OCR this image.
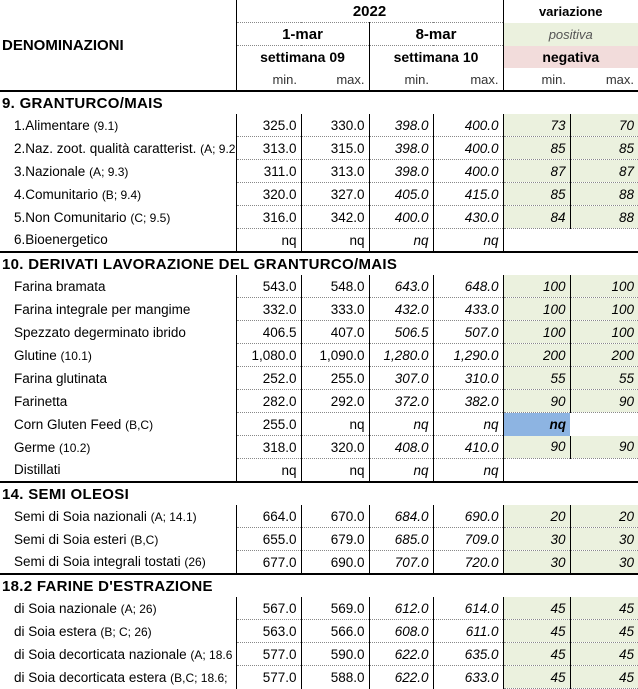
	2022				variazione	
DENOMINAZIONI	1-mar		8-mar		positiva	
	settimana 09		settimana 10		negativa	
	min.	max.	min.	max.	min.	max.
9. GRANTURCO/MAIS						
1.Alimentare (9.1)	325.0	330.0	398.0	400.0	73	70
2.Naz. zoot. qualità caratterist. (A; 9.2	313.0	315.0	398.0	400.0	85	85
3.Nazionale (A; 9.3)	311.0	313.0	398.0	400.0	87	87
4.Comunitario (B; 9.4)	320.0	327.0	405.0	415.0	85	88
5.Non Comunitario (C; 9.5)	316.0	342.0	400.0	430.0	84	88
6.Bioenergetico	nq	nq	nq	nq		
10. DERIVATI LAVORAZIONE DEL GRANTURCO/MAIS						
Farina bramata	543.0	548.0	643.0	648.0	100	100
Farina integrale per mangime	332.0	333.0	432.0	433.0	100	100
Spezzato degerminato ibrido	406.5	407.0	506.5	507.0	100	100
Glutine (10.1)	1,080.0	1,090.0	1,280.0	1,290.0	200	200
Farina glutinata	252.0	255.0	307.0	310.0	55	55
Farinetta	282.0	292.0	372.0	382.0	90	90
Corn Gluten Feed (B,C)	255.0	nq	nq	nq	nq	
Germe (10.2)	318.0	320.0	408.0	410.0	90	90
Distillati	nq	nq	nq	nq		
14. SEMI OLEOSI						
Semi di Soia nazionali (A; 14.1)	664.0	670.0	684.0	690.0	20	20
Semi di Soia esteri (B,C)	655.0	679.0	685.0	709.0	30	30
Semi di Soia integrali tostati (26)	677.0	690.0	707.0	720.0	30	30
18.2 FARINE D'ESTRAZIONE						
di Soia nazionale (A; 26)	567.0	569.0	612.0	614.0	45	45
di Soia estera (B; C; 26)	563.0	566.0	608.0	611.0	45	45
di Soia decorticata nazionale (A; 18.6	577.0	590.0	622.0	635.0	45	45
di Soia decorticata estera (B,C; 18.6;	577.0	588.0	622.0	633.0	45	45
